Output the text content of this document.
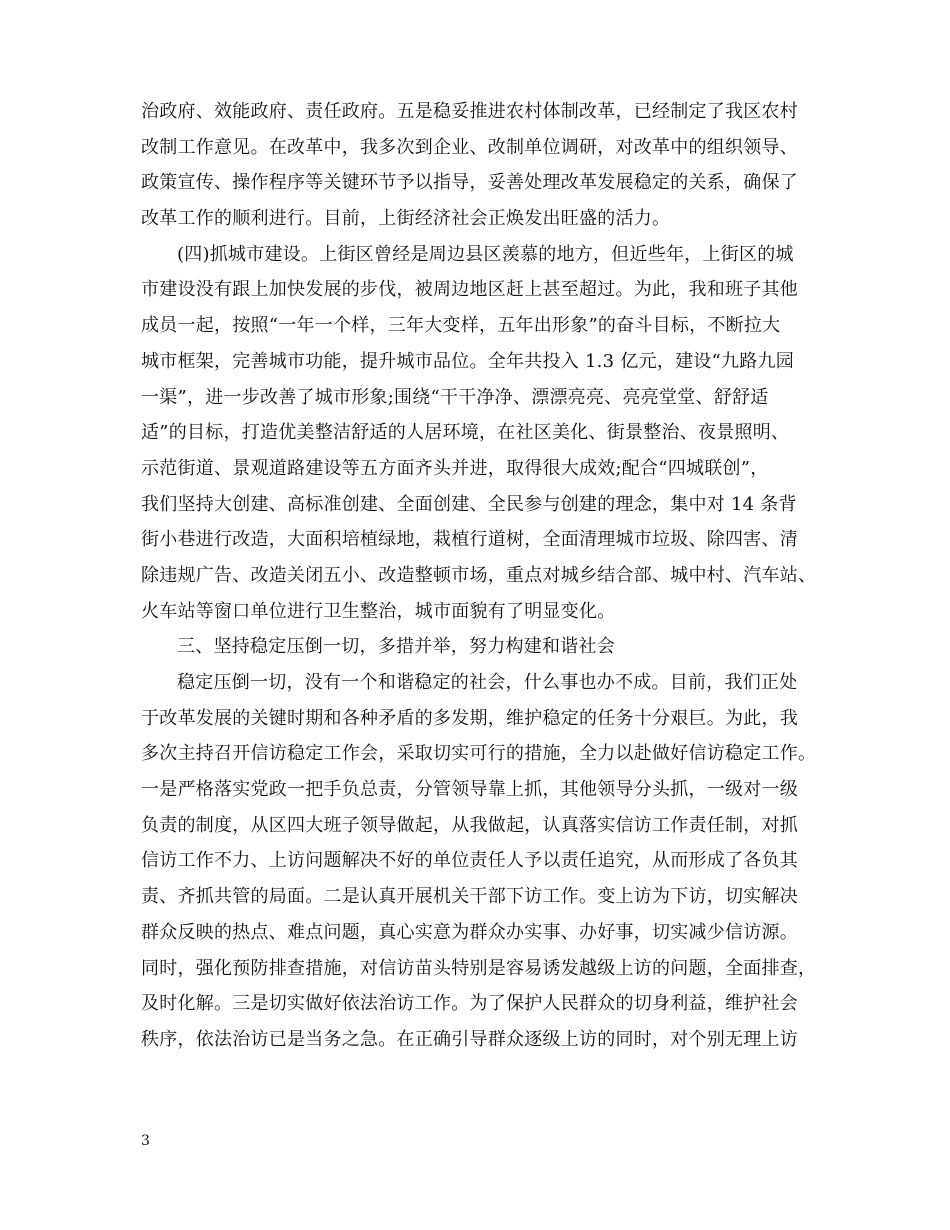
治政府、效能政府、责任政府。五是稳妥推进农村体制改革，已经制定了我区农村
改制工作意见。在改革中，我多次到企业、改制单位调研，对改革中的组织领导、
政策宣传、操作程序等关键环节予以指导，妥善处理改革发展稳定的关系，确保了
改革工作的顺利进行。目前，上街经济社会正焕发出旺盛的活力。
(四)抓城市建设。上街区曾经是周边县区羡慕的地方，但近些年，上街区的城
市建设没有跟上加快发展的步伐，被周边地区赶上甚至超过。为此，我和班子其他
成员一起，按照“一年一个样，三年大变样，五年出形象”的奋斗目标，不断拉大
城市框架，完善城市功能，提升城市品位。全年共投入 1.3 亿元，建设“九路九园
一渠”，进一步改善了城市形象;围绕“干干净净、漂漂亮亮、亮亮堂堂、舒舒适
适”的目标，打造优美整洁舒适的人居环境，在社区美化、街景整治、夜景照明、
示范街道、景观道路建设等五方面齐头并进，取得很大成效;配合“四城联创”，
我们坚持大创建、高标准创建、全面创建、全民参与创建的理念，集中对 14 条背
街小巷进行改造，大面积培植绿地，栽植行道树，全面清理城市垃圾、除四害、清
除违规广告、改造关闭五小、改造整顿市场，重点对城乡结合部、城中村、汽车站、
火车站等窗口单位进行卫生整治，城市面貌有了明显变化。
三、坚持稳定压倒一切，多措并举，努力构建和谐社会
稳定压倒一切，没有一个和谐稳定的社会，什么事也办不成。目前，我们正处
于改革发展的关键时期和各种矛盾的多发期，维护稳定的任务十分艰巨。为此，我
多次主持召开信访稳定工作会，采取切实可行的措施，全力以赴做好信访稳定工作。
一是严格落实党政一把手负总责，分管领导靠上抓，其他领导分头抓，一级对一级
负责的制度，从区四大班子领导做起，从我做起，认真落实信访工作责任制，对抓
信访工作不力、上访问题解决不好的单位责任人予以责任追究，从而形成了各负其
责、齐抓共管的局面。二是认真开展机关干部下访工作。变上访为下访，切实解决
群众反映的热点、难点问题，真心实意为群众办实事、办好事，切实减少信访源。
同时，强化预防排查措施，对信访苗头特别是容易诱发越级上访的问题，全面排查，
及时化解。三是切实做好依法治访工作。为了保护人民群众的切身利益，维护社会
秩序，依法治访已是当务之急。在正确引导群众逐级上访的同时，对个别无理上访
3
